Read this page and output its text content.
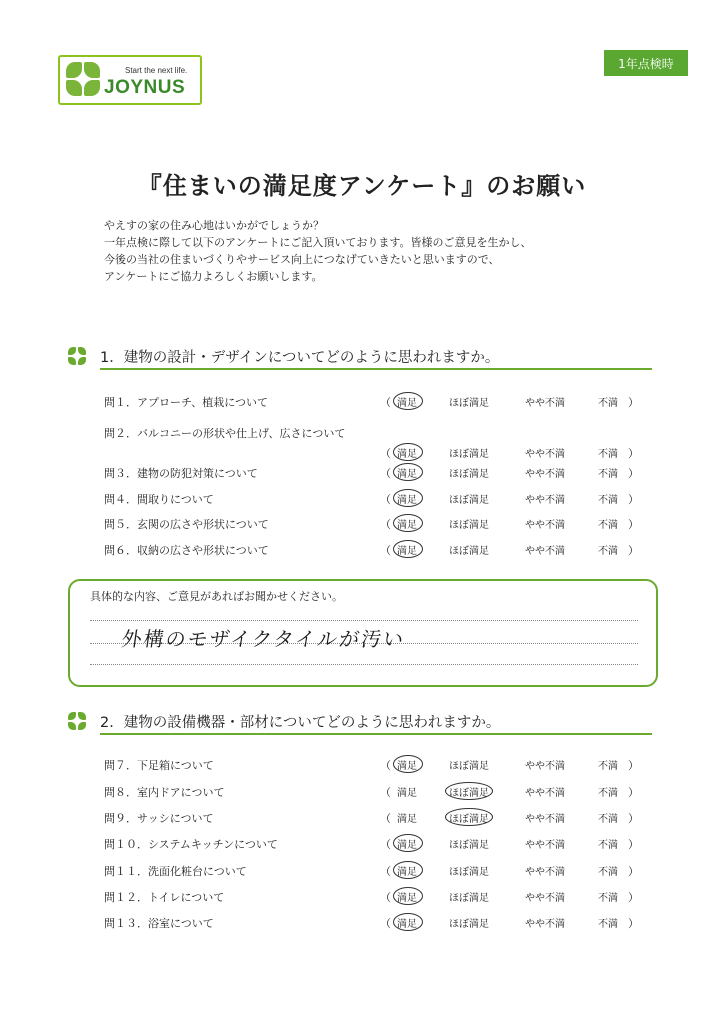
Start the next life.
JOYNUS
1年点検時
『住まいの満足度アンケート』のお願い
やえすの家の住み心地はいかがでしょうか？
一年点検に際して以下のアンケートにご記入頂いております。皆様のご意見を生かし、
今後の当社の住まいづくりやサービス向上につなげていきたいと思いますので、
アンケートにご協力よろしくお願いします。
1．建物の設計・デザインについてどのように思われますか。
問１．アプローチ、植栽について	（ 満足	ほぼ満足	やや不満	不満 ）
問２．バルコニーの形状や仕上げ、広さについて
（ 満足	ほぼ満足	やや不満	不満 ）
問３．建物の防犯対策について	（ 満足	ほぼ満足	やや不満	不満 ）
問４．間取りについて	（ 満足	ほぼ満足	やや不満	不満 ）
問５．玄関の広さや形状について	（ 満足	ほぼ満足	やや不満	不満 ）
問６．収納の広さや形状について	（ 満足	ほぼ満足	やや不満	不満 ）
具体的な内容、ご意見があればお聞かせください。
外構のモザイクタイルが汚い
2．建物の設備機器・部材についてどのように思われますか。
問７．下足箱について	（ 満足	ほぼ満足	やや不満	不満 ）
問８．室内ドアについて	（ 満足	ほぼ満足	やや不満	不満 ）
問９．サッシについて	（ 満足	ほぼ満足	やや不満	不満 ）
問１０．システムキッチンについて	（ 満足	ほぼ満足	やや不満	不満 ）
問１１．洗面化粧台について	（ 満足	ほぼ満足	やや不満	不満 ）
問１２．トイレについて	（ 満足	ほぼ満足	やや不満	不満 ）
問１３．浴室について	（ 満足	ほぼ満足	やや不満	不満 ）
